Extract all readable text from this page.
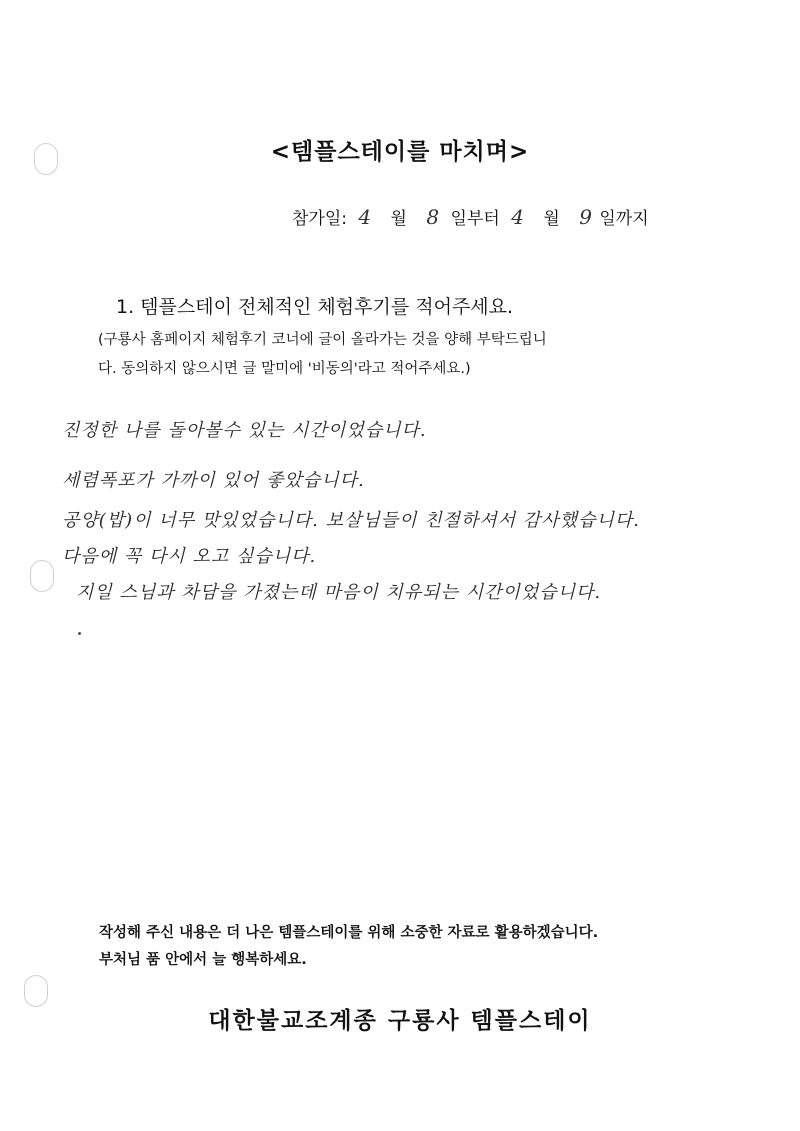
<템플스테이를 마치며>
참가일: 4 월 8 일부터 4 월 9 일까지
1. 템플스테이 전체적인 체험후기를 적어주세요.
(구룡사 홈페이지 체험후기 코너에 글이 올라가는 것을 양해 부탁드립니
다. 동의하지 않으시면 글 말미에 '비동의'라고 적어주세요.)
진정한 나를 돌아볼수 있는 시간이었습니다.
세렴폭포가 가까이 있어 좋았습니다.
공양(밥)이 너무 맛있었습니다. 보살님들이 친절하셔서 감사했습니다.
다음에 꼭 다시 오고 싶습니다.
지일 스님과 차담을 가졌는데 마음이 치유되는 시간이었습니다.
작성해 주신 내용은 더 나은 템플스테이를 위해 소중한 자료로 활용하겠습니다.
부처님 품 안에서 늘 행복하세요.
대한불교조계종 구룡사 템플스테이
